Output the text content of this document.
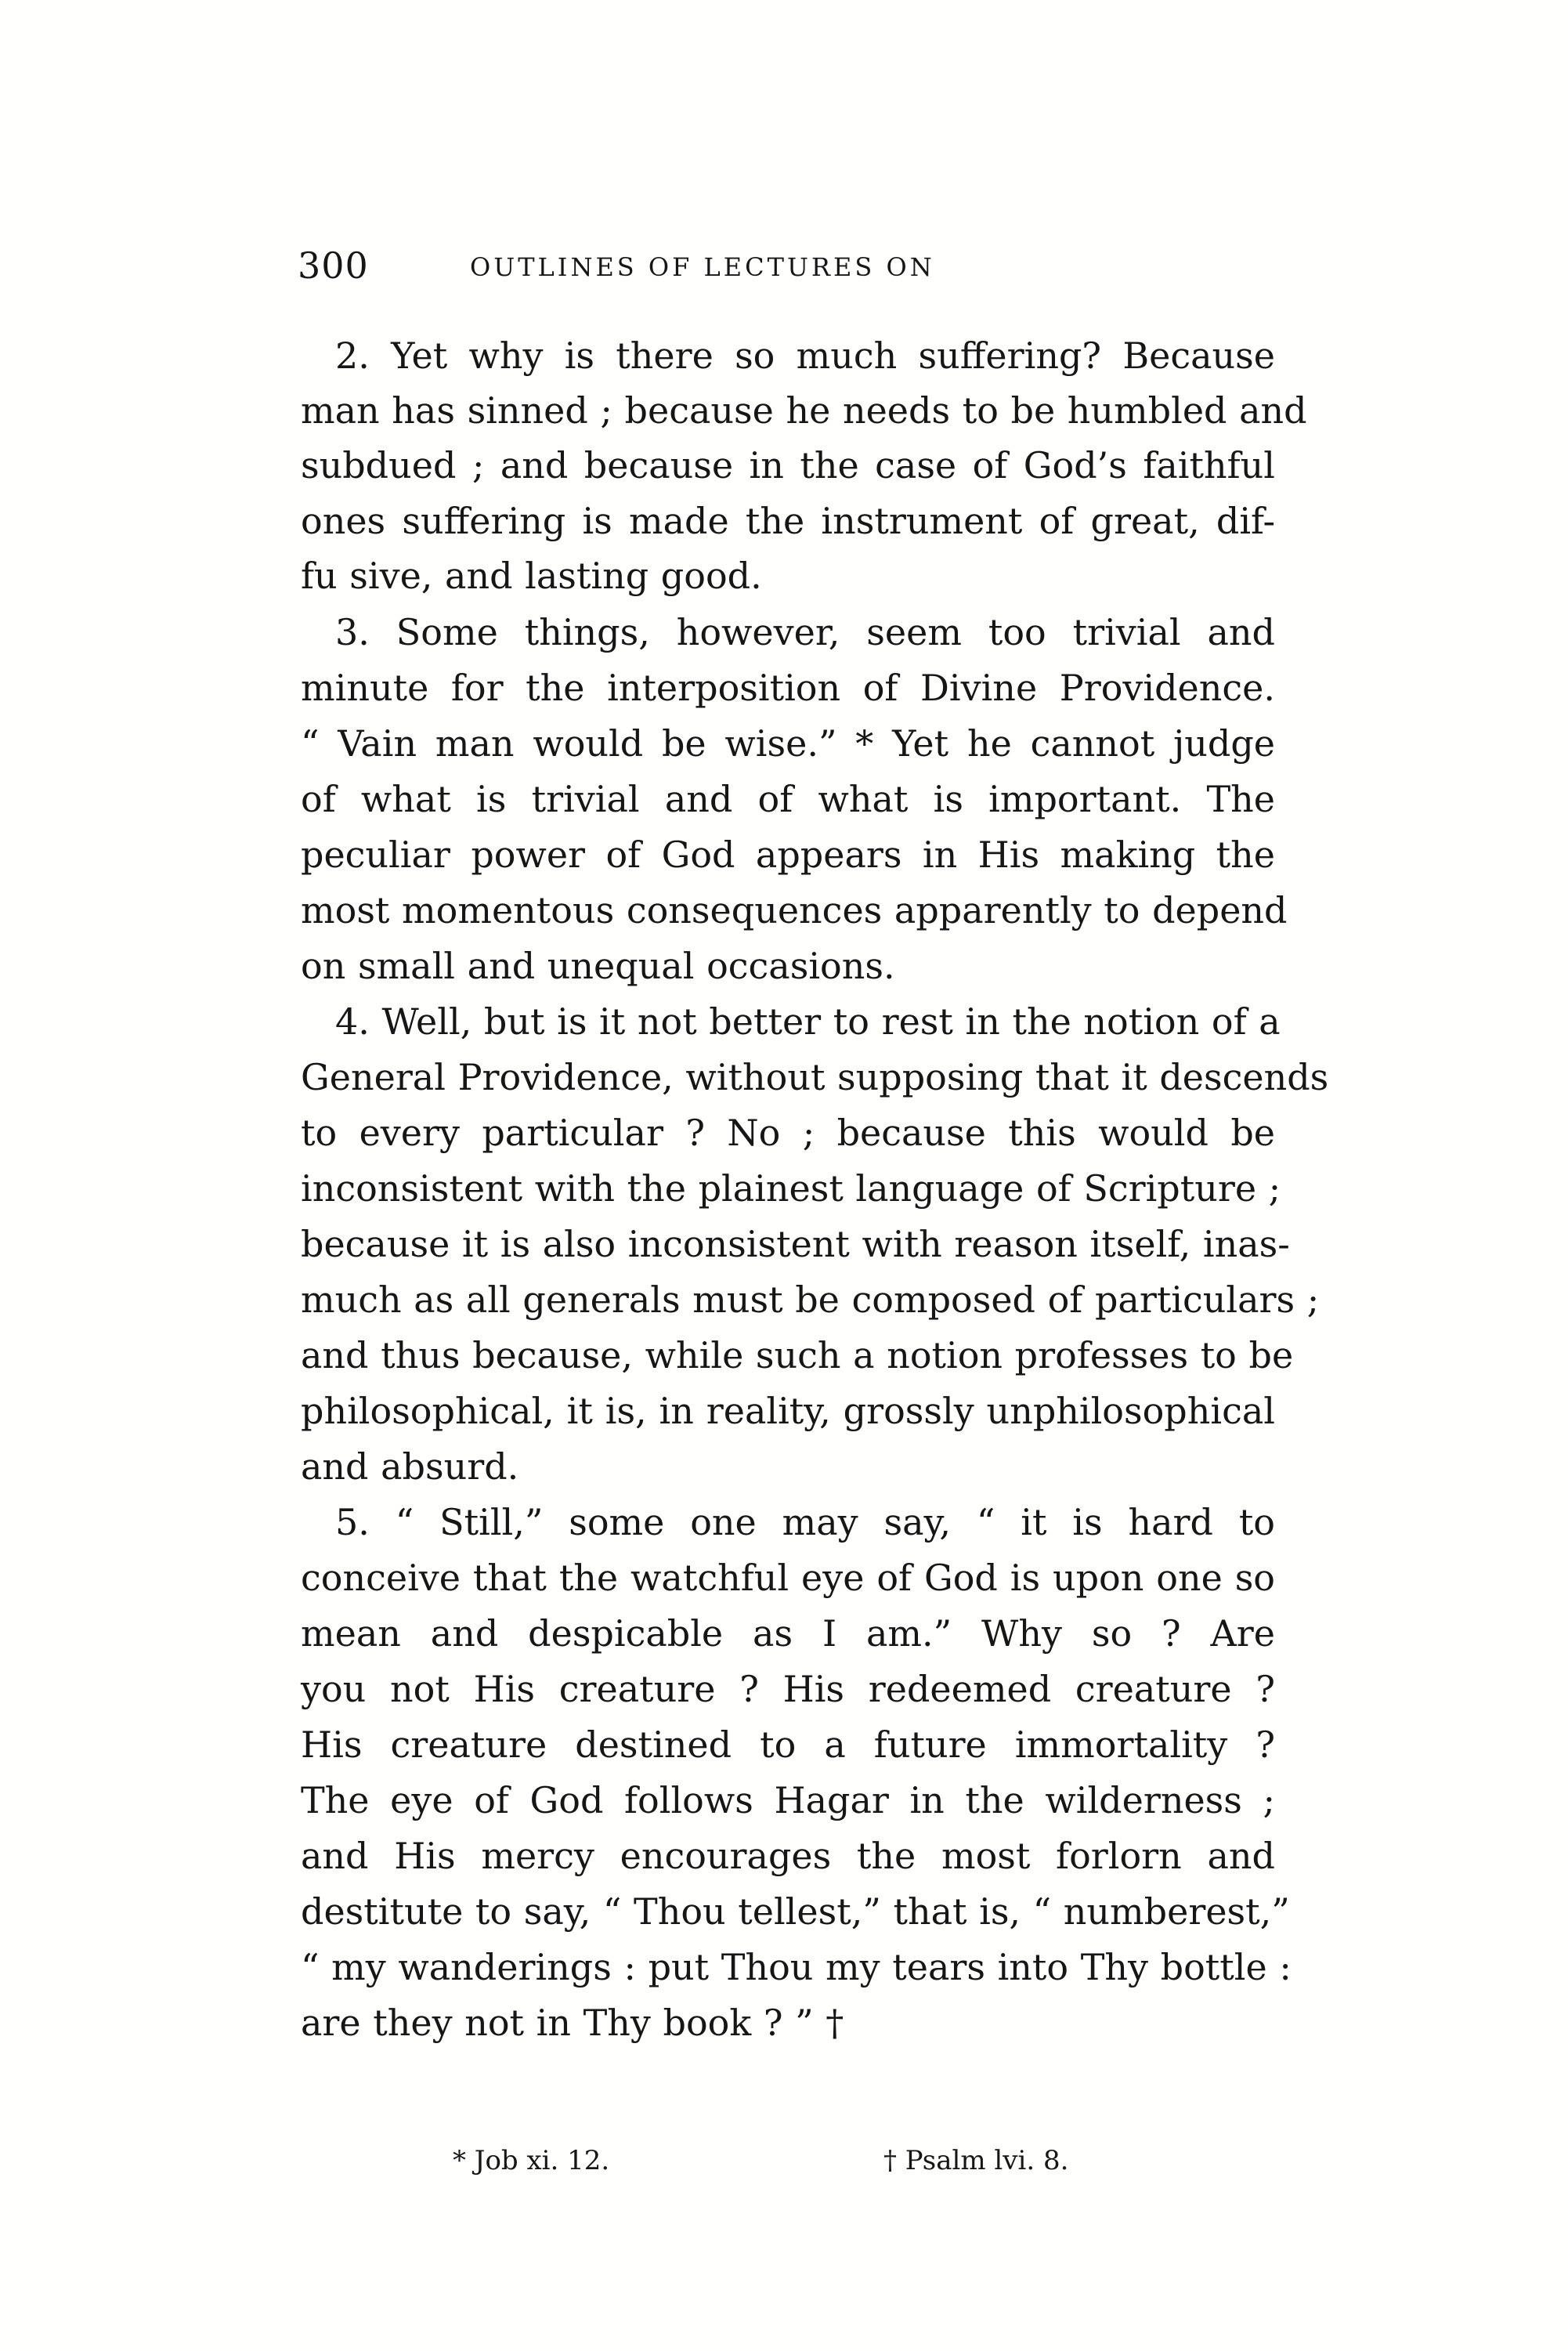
300	OUTLINES OF LECTURES ON
2. Yet why is there so much suffering? Because
man has sinned ; because he needs to be humbled and
subdued ; and because in the case of God’s faithful
ones suffering is made the instrument of great, dif-
fu sive, and lasting good.
3. Some things, however, seem too trivial and
minute for the interposition of Divine Providence.
“ Vain man would be wise.” * Yet he cannot judge
of what is trivial and of what is important. The
peculiar power of God appears in His making the
most momentous consequences apparently to depend
on small and unequal occasions.
4. Well, but is it not better to rest in the notion of a
General Providence, without supposing that it descends
to every particular ? No ; because this would be
inconsistent with the plainest language of Scripture ;
because it is also inconsistent with reason itself, inas-
much as all generals must be composed of particulars ;
and thus because, while such a notion professes to be
philosophical, it is, in reality, grossly unphilosophical
and absurd.
5. “ Still,” some one may say, “ it is hard to
conceive that the watchful eye of God is upon one so
mean and despicable as I am.” Why so ? Are
you not His creature ? His redeemed creature ?
His creature destined to a future immortality ?
The eye of God follows Hagar in the wilderness ;
and His mercy encourages the most forlorn and
destitute to say, “ Thou tellest,” that is, “ numberest,”
“ my wanderings : put Thou my tears into Thy bottle :
are they not in Thy book ? ” †
* Job xi. 12.	† Psalm lvi. 8.
